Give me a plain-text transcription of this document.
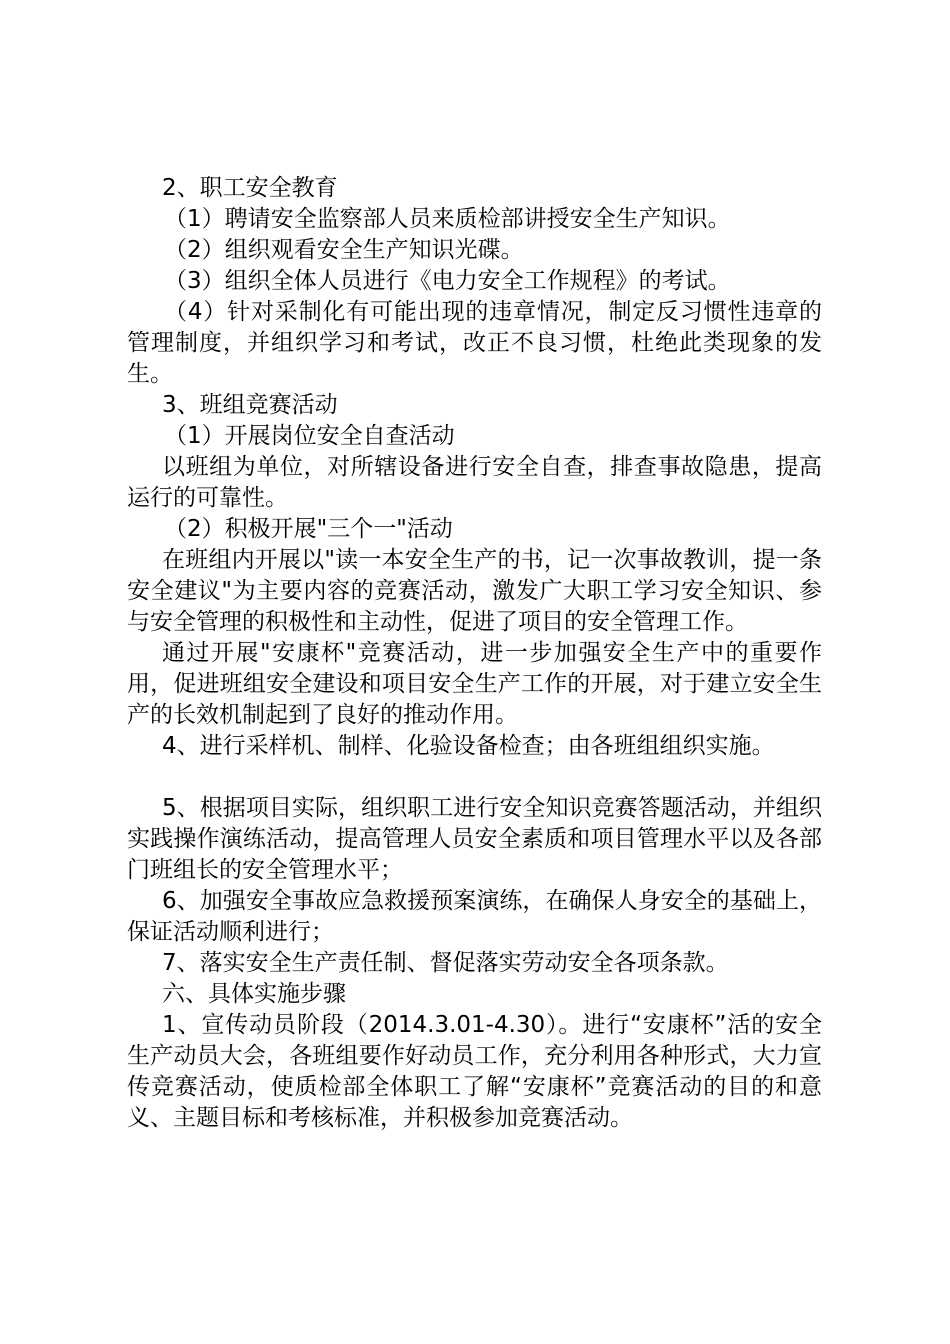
2、职工安全教育

（1）聘请安全监察部人员来质检部讲授安全生产知识。

（2）组织观看安全生产知识光碟。

（3）组织全体人员进行《电力安全工作规程》的考试。

（4）针对采制化有可能出现的违章情况，制定反习惯性违章的管理制度，并组织学习和考试，改正不良习惯，杜绝此类现象的发生。

3、班组竞赛活动

（1）开展岗位安全自查活动

以班组为单位，对所辖设备进行安全自查，排查事故隐患，提高运行的可靠性。

（2）积极开展"三个一"活动

在班组内开展以"读一本安全生产的书，记一次事故教训，提一条安全建议"为主要内容的竞赛活动，激发广大职工学习安全知识、参与安全管理的积极性和主动性，促进了项目的安全管理工作。

通过开展"安康杯"竞赛活动，进一步加强安全生产中的重要作用，促进班组安全建设和项目安全生产工作的开展，对于建立安全生产的长效机制起到了良好的推动作用。

4、进行采样机、制样、化验设备检查；由各班组组织实施。

5、根据项目实际，组织职工进行安全知识竞赛答题活动，并组织实践操作演练活动，提高管理人员安全素质和项目管理水平以及各部门班组长的安全管理水平；

6、加强安全事故应急救援预案演练，在确保人身安全的基础上，保证活动顺利进行；

7、落实安全生产责任制、督促落实劳动安全各项条款。

六、具体实施步骤

1、宣传动员阶段（2014.3.01-4.30）。进行“安康杯”活的安全生产动员大会，各班组要作好动员工作，充分利用各种形式，大力宣传竞赛活动，使质检部全体职工了解“安康杯”竞赛活动的目的和意义、主题目标和考核标准，并积极参加竞赛活动。
